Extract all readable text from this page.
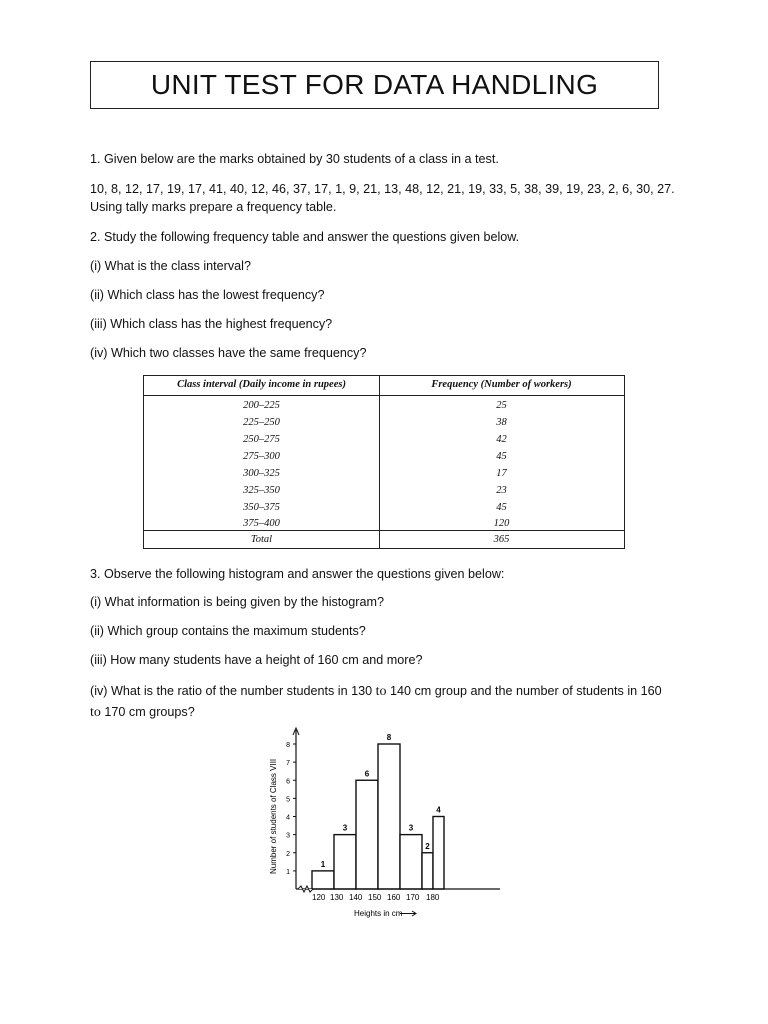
UNIT TEST FOR DATA HANDLING
1. Given below are the marks obtained by 30 students of a class in a test.
10, 8, 12, 17, 19, 17, 41, 40, 12, 46, 37, 17, 1, 9, 21, 13, 48, 12, 21, 19, 33, 5, 38, 39, 19, 23, 2, 6, 30, 27.
Using tally marks prepare a frequency table.
2. Study the following frequency table and answer the questions given below.
(i) What is the class interval?
(ii) Which class has the lowest frequency?
(iii) Which class has the highest frequency?
(iv) Which two classes have the same frequency?
Class interval (Daily income in rupees)	Frequency (Number of workers)
200–225	25
225–250	38
250–275	42
275–300	45
300–325	17
325–350	23
350–375	45
375–400	120
Total	365
3. Observe the following histogram and answer the questions given below:
(i) What information is being given by the histogram?
(ii) Which group contains the maximum students?
(iii) How many students have a height of 160 cm and more?
(iv) What is the ratio of the number students in 130 to 140 cm group and the number of students in 160
to 170 cm groups?
1
2
3
4
5
6
7
8
1
3
6
8
3
2
4
120 130 140 150 160 170 180
Heights in cm
Number of students of Class VIII
